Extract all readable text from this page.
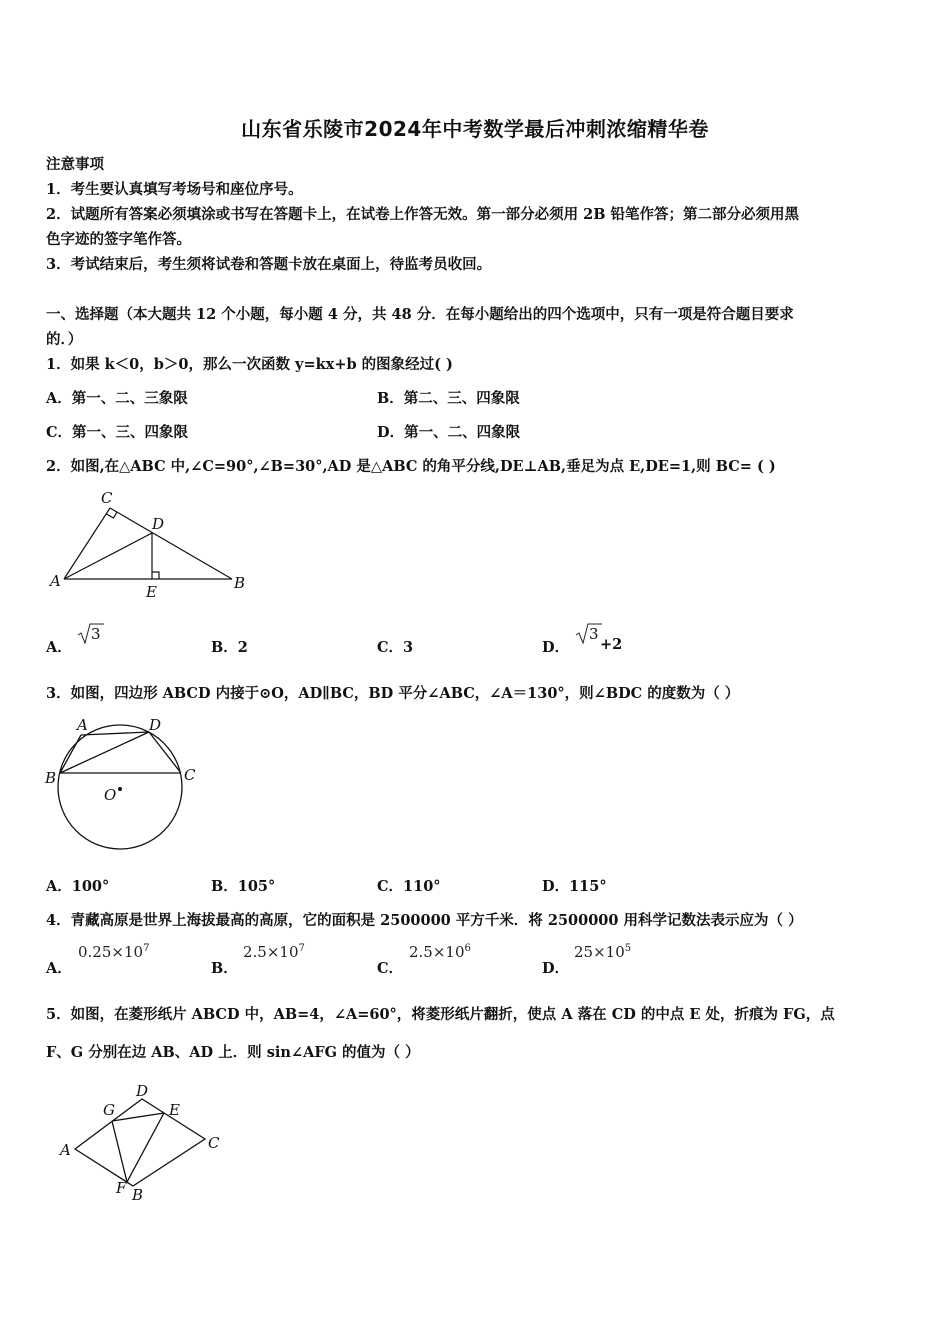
山东省乐陵市2024年中考数学最后冲刺浓缩精华卷
注意事项
1．考生要认真填写考场号和座位序号。
2．试题所有答案必须填涂或书写在答题卡上，在试卷上作答无效。第一部分必须用 2B 铅笔作答；第二部分必须用黑
色字迹的签字笔作答。
3．考试结束后，考生须将试卷和答题卡放在桌面上，待监考员收回。
一、选择题（本大题共 12 个小题，每小题 4 分，共 48 分．在每小题给出的四个选项中，只有一项是符合题目要求
的．）
1．如果 k＜0，b＞0，那么一次函数 y=kx+b 的图象经过( )
A．第一、二、三象限	B．第二、三、四象限
C．第一、三、四象限	D．第一、二、四象限
2．如图,在△ABC 中,∠C=90°,∠B=30°,AD 是△ABC 的角平分线,DE⊥AB,垂足为点 E,DE=1,则 BC= ( )
C
D
A
E	B
A．
3
B．2	C．3	D．
3
+2
3．如图，四边形 ABCD 内接于⊙O，AD∥BC，BD 平分∠ABC，∠A＝130°，则∠BDC 的度数为（ ）
A	D
B	C
O
A．100°	B．105°	C．110°	D．115°
4．青藏高原是世界上海拔最高的高原，它的面积是 2500000 平方千米．将 2500000 用科学记数法表示应为（ ）
A．
$0.25\times 10^7$
B．
$2.5\times 10^7$
C．
$2.5\times 10^6$
D．
$25\times 10^5$
5．如图，在菱形纸片 ABCD 中，AB=4，∠A=60°，将菱形纸片翻折，使点 A 落在 CD 的中点 E 处，折痕为 FG，点
F、G 分别在边 AB、AD 上．则 sin∠AFG 的值为（ ）
D
G	E
A	C
F B
